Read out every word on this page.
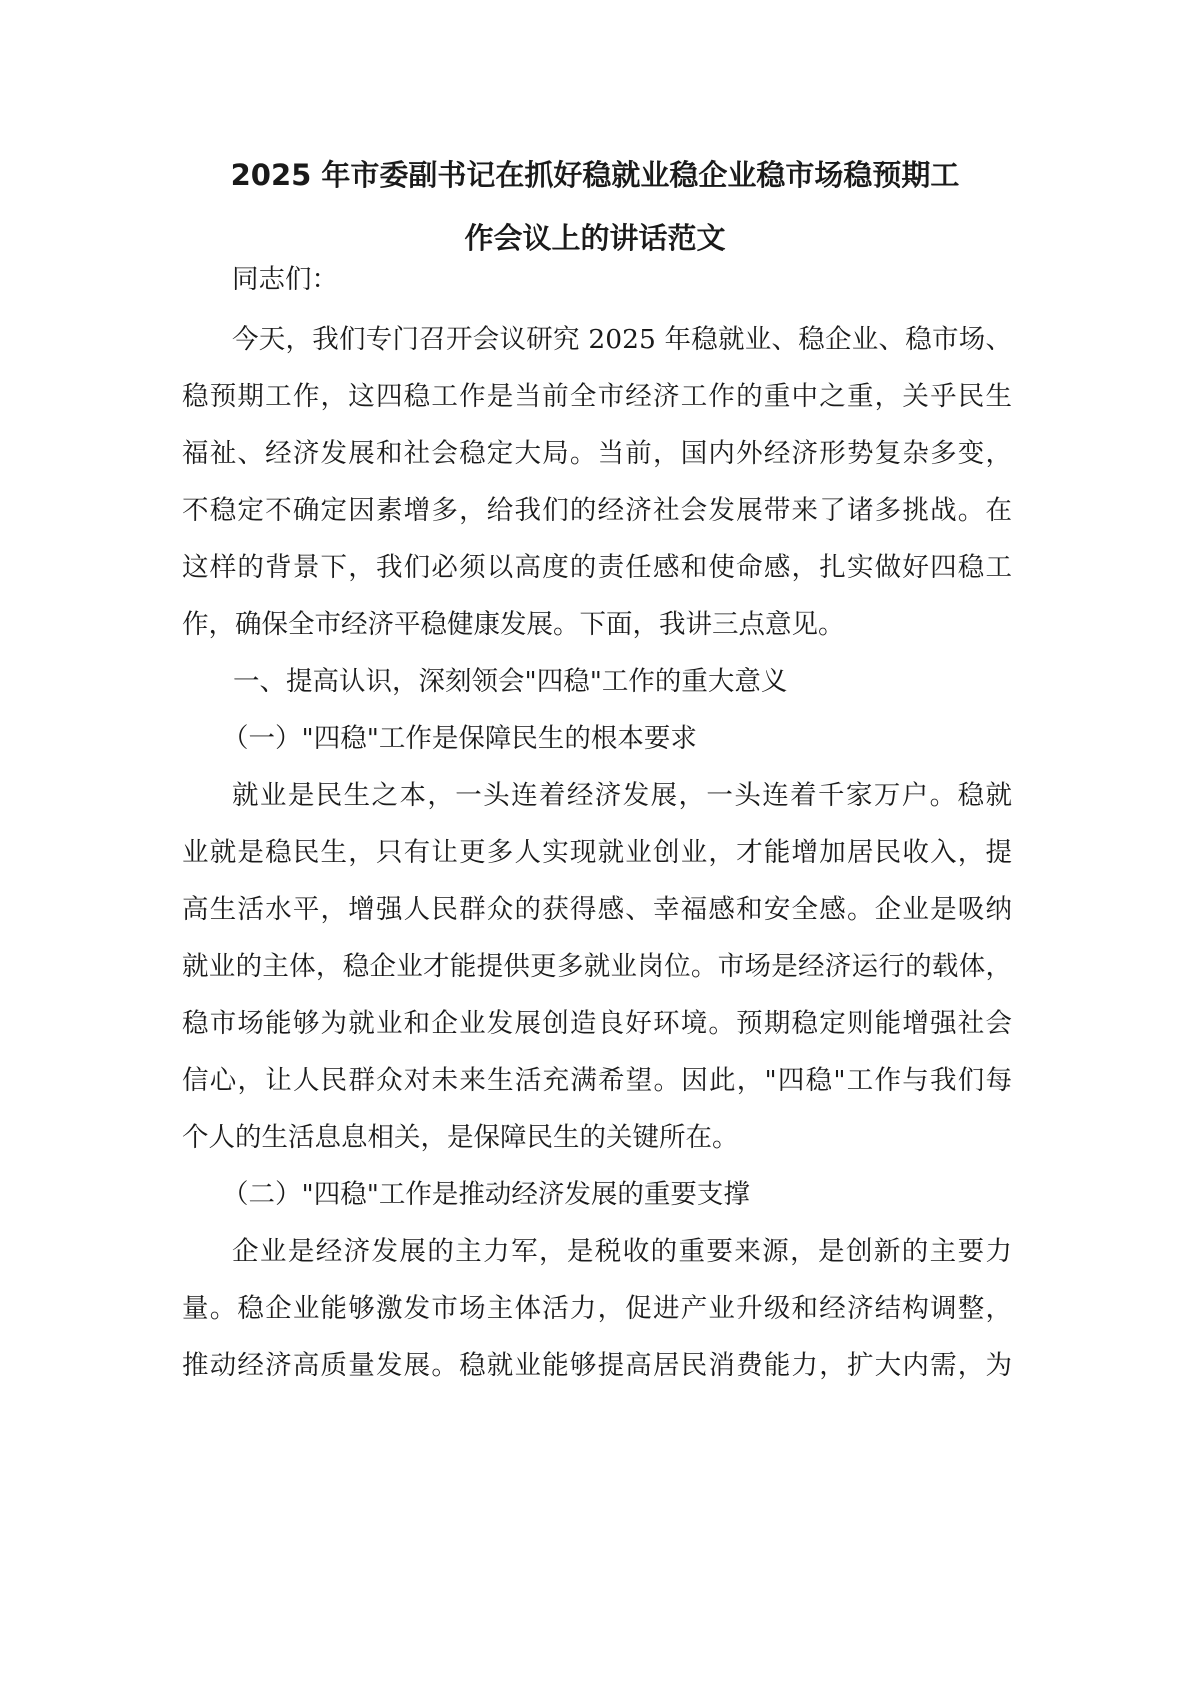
2025 年市委副书记在抓好稳就业稳企业稳市场稳预期工
作会议上的讲话范文
同志们：
今天，我们专门召开会议研究 2025 年稳就业、稳企业、稳市场、
稳预期工作，这四稳工作是当前全市经济工作的重中之重，关乎民生
福祉、经济发展和社会稳定大局。当前，国内外经济形势复杂多变，
不稳定不确定因素增多，给我们的经济社会发展带来了诸多挑战。在
这样的背景下，我们必须以高度的责任感和使命感，扎实做好四稳工
作，确保全市经济平稳健康发展。下面，我讲三点意见。
一、提高认识，深刻领会"四稳"工作的重大意义
（一）"四稳"工作是保障民生的根本要求
就业是民生之本，一头连着经济发展，一头连着千家万户。稳就
业就是稳民生，只有让更多人实现就业创业，才能增加居民收入，提
高生活水平，增强人民群众的获得感、幸福感和安全感。企业是吸纳
就业的主体，稳企业才能提供更多就业岗位。市场是经济运行的载体，
稳市场能够为就业和企业发展创造良好环境。预期稳定则能增强社会
信心，让人民群众对未来生活充满希望。因此，"四稳"工作与我们每
个人的生活息息相关，是保障民生的关键所在。
（二）"四稳"工作是推动经济发展的重要支撑
企业是经济发展的主力军，是税收的重要来源，是创新的主要力
量。稳企业能够激发市场主体活力，促进产业升级和经济结构调整，
推动经济高质量发展。稳就业能够提高居民消费能力，扩大内需，为
